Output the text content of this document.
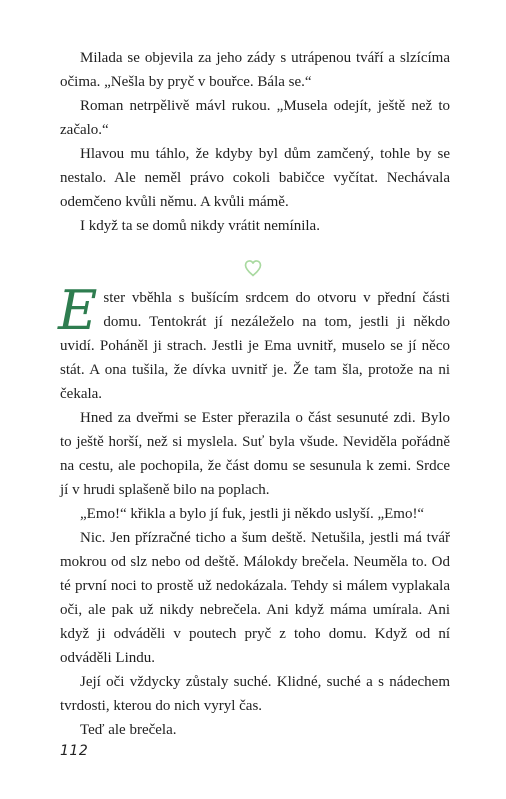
Milada se objevila za jeho zády s utrápenou tváří a slzícíma očima. „Nešla by pryč v bouřce. Bála se.“

Roman netrpělivě mávl rukou. „Musela odejít, ještě než to začalo.“

Hlavou mu táhlo, že kdyby byl dům zamčený, tohle by se nestalo. Ale neměl právo cokoli babičce vyčítat. Nechávala odemčeno kvůli němu. A kvůli mámě.

I když ta se domů nikdy vrátit nemínila.

E ster vběhla s bušícím srdcem do otvoru v přední části domu. Tentokrát jí nezáleželo na tom, jestli ji někdo uvidí. Poháněl ji strach. Jestli je Ema uvnitř, muselo se jí něco stát. A ona tušila, že dívka uvnitř je. Že tam šla, protože na ni čekala.

Hned za dveřmi se Ester přerazila o část sesunuté zdi. Bylo to ještě horší, než si myslela. Suť byla všude. Neviděla pořádně na cestu, ale pochopila, že část domu se sesunula k zemi. Srdce jí v hrudi splašeně bilo na poplach.

„Emo!“ křikla a bylo jí fuk, jestli ji někdo uslyší. „Emo!“

Nic. Jen přízračné ticho a šum deště. Netušila, jestli má tvář mokrou od slz nebo od deště. Málokdy brečela. Neuměla to. Od té první noci to prostě už nedokázala. Tehdy si málem vyplakala oči, ale pak už nikdy nebrečela. Ani když máma umírala. Ani když ji odváděli v poutech pryč z toho domu. Když od ní odváděli Lindu.

Její oči vždycky zůstaly suché. Klidné, suché a s nádechem tvrdosti, kterou do nich vyryl čas.

Teď ale brečela.

112
